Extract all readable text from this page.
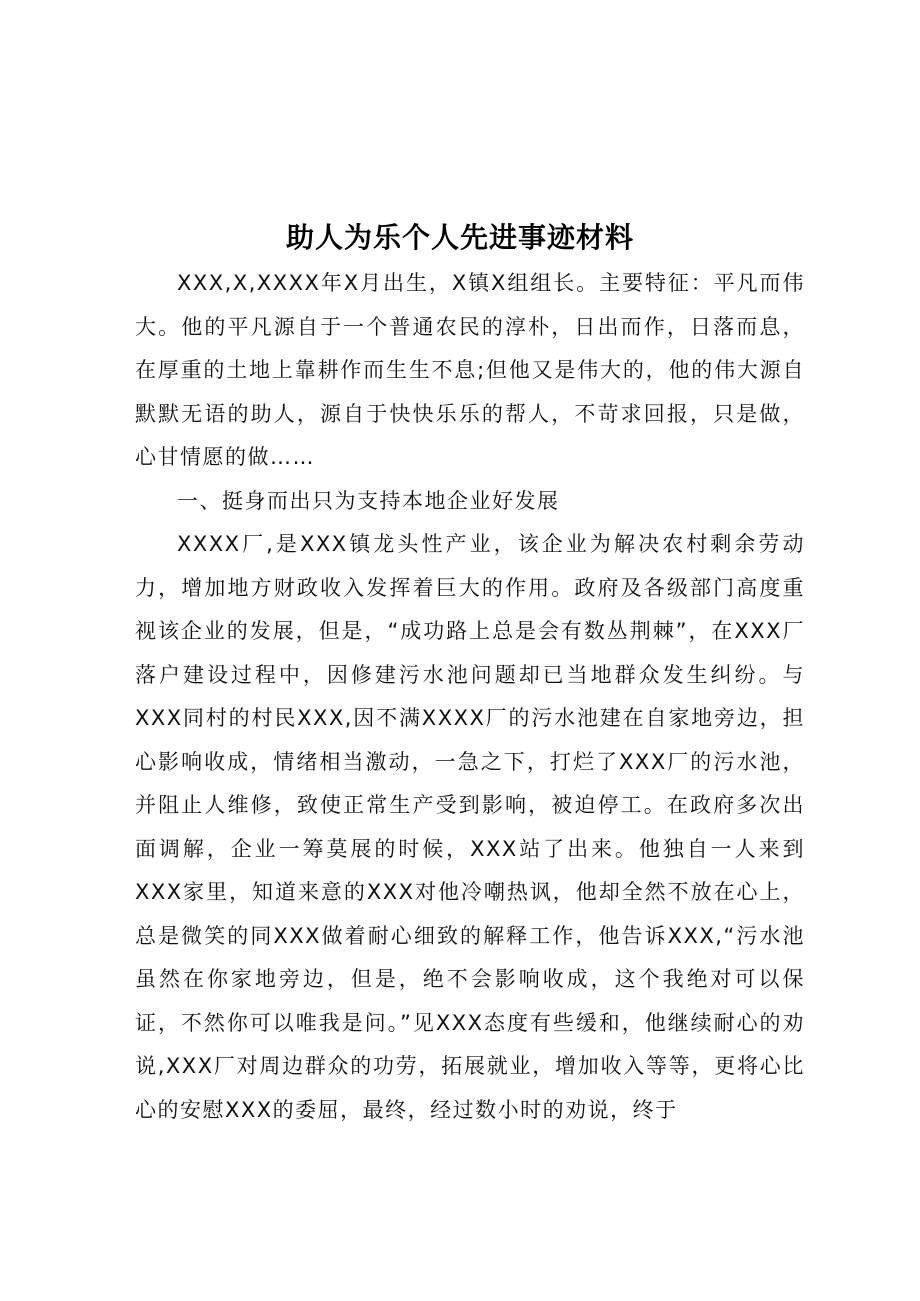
助人为乐个人先进事迹材料

XXX,X,XXXX年X月出生，X镇X组组长。主要特征：平凡而伟大。他的平凡源自于一个普通农民的淳朴，日出而作，日落而息，在厚重的土地上靠耕作而生生不息;但他又是伟大的，他的伟大源自默默无语的助人，源自于快快乐乐的帮人，不苛求回报，只是做，心甘情愿的做……

一、挺身而出只为支持本地企业好发展

XXXX厂,是XXX镇龙头性产业，该企业为解决农村剩余劳动力，增加地方财政收入发挥着巨大的作用。政府及各级部门高度重视该企业的发展，但是，“成功路上总是会有数丛荆棘”，在XXX厂落户建设过程中，因修建污水池问题却已当地群众发生纠纷。与XXX同村的村民XXX,因不满XXXX厂的污水池建在自家地旁边，担心影响收成，情绪相当激动，一急之下，打烂了XXX厂的污水池，并阻止人维修，致使正常生产受到影响，被迫停工。在政府多次出面调解，企业一筹莫展的时候，XXX站了出来。他独自一人来到XXX家里，知道来意的XXX对他冷嘲热讽，他却全然不放在心上，总是微笑的同XXX做着耐心细致的解释工作，他告诉XXX,“污水池虽然在你家地旁边，但是，绝不会影响收成，这个我绝对可以保证，不然你可以唯我是问。”见XXX态度有些缓和，他继续耐心的劝说,XXX厂对周边群众的功劳，拓展就业，增加收入等等，更将心比心的安慰XXX的委屈，最终，经过数小时的劝说，终于
